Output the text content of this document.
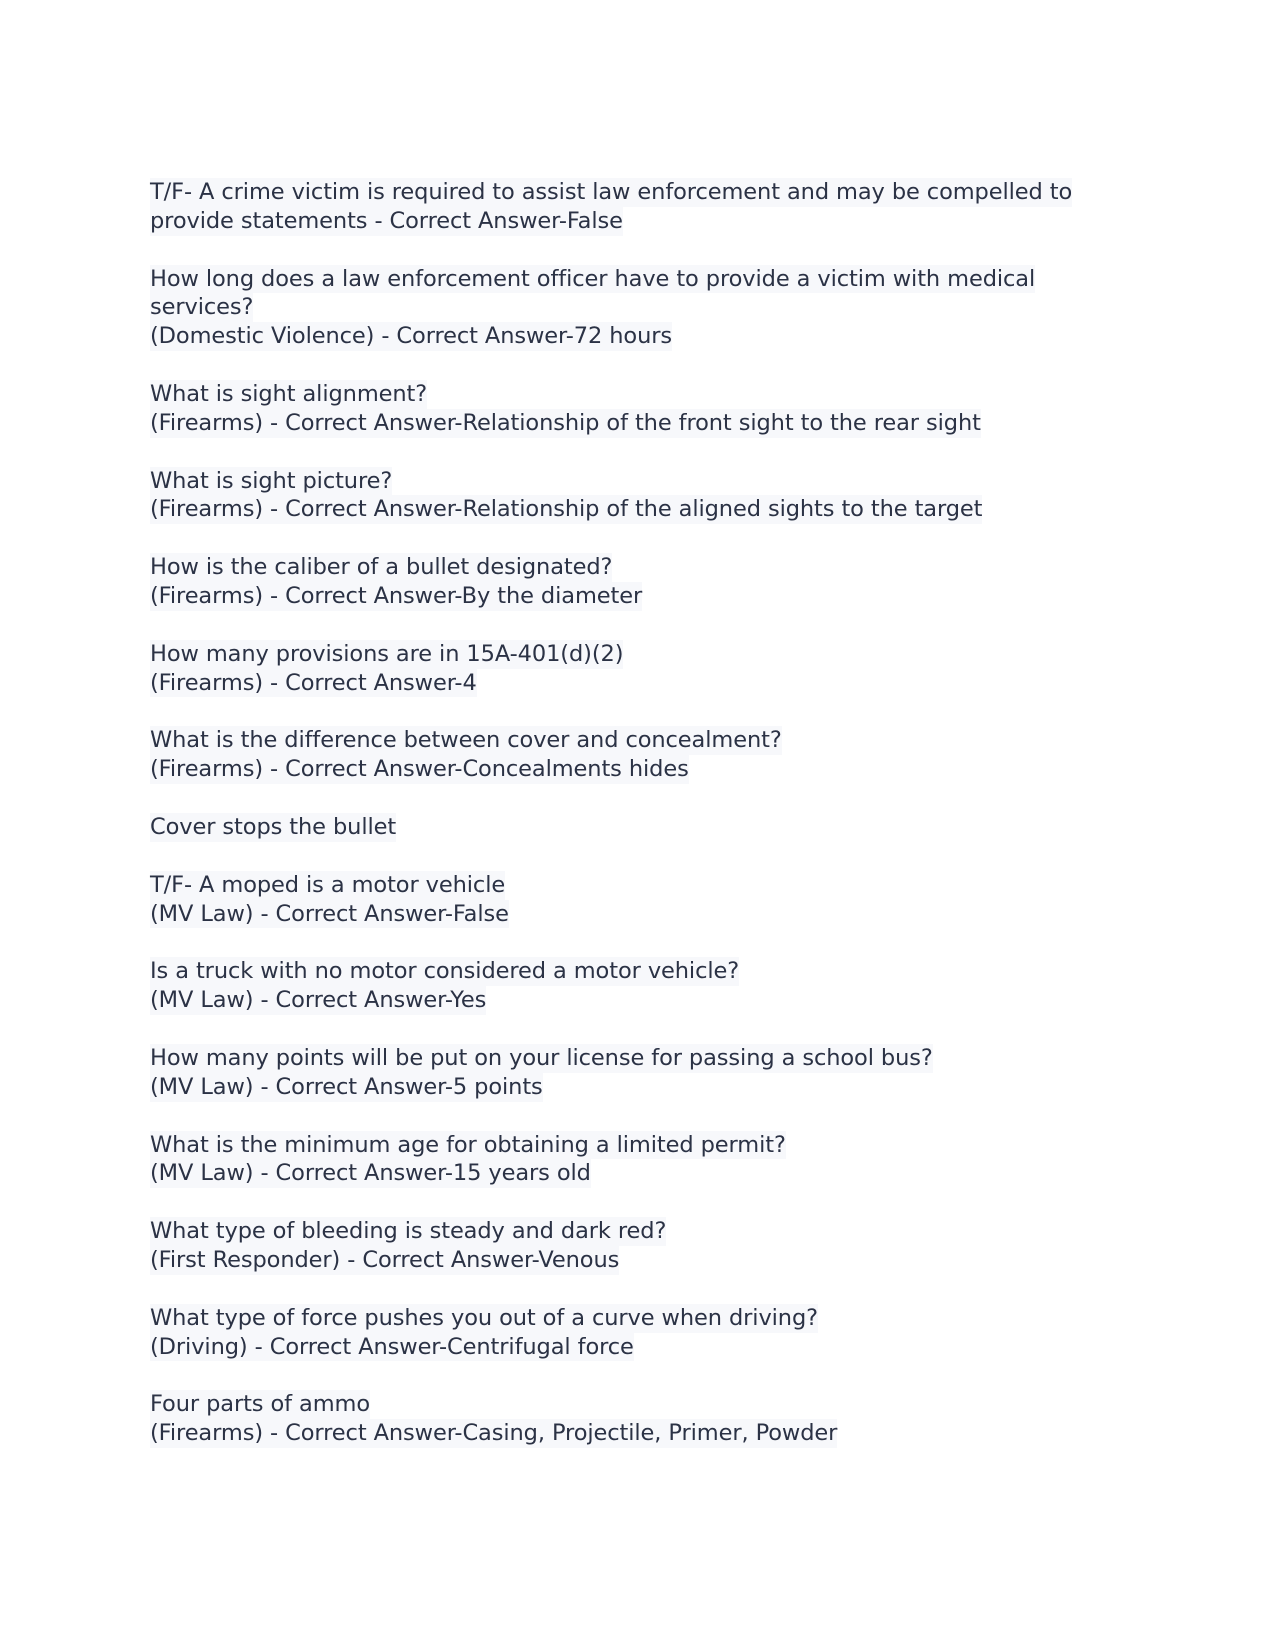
T/F- A crime victim is required to assist law enforcement and may be compelled to
provide statements - Correct Answer-False
How long does a law enforcement officer have to provide a victim with medical
services?
(Domestic Violence) - Correct Answer-72 hours
What is sight alignment?
(Firearms) - Correct Answer-Relationship of the front sight to the rear sight
What is sight picture?
(Firearms) - Correct Answer-Relationship of the aligned sights to the target
How is the caliber of a bullet designated?
(Firearms) - Correct Answer-By the diameter
How many provisions are in 15A-401(d)(2)
(Firearms) - Correct Answer-4
What is the difference between cover and concealment?
(Firearms) - Correct Answer-Concealments hides
Cover stops the bullet
T/F- A moped is a motor vehicle
(MV Law) - Correct Answer-False
Is a truck with no motor considered a motor vehicle?
(MV Law) - Correct Answer-Yes
How many points will be put on your license for passing a school bus?
(MV Law) - Correct Answer-5 points
What is the minimum age for obtaining a limited permit?
(MV Law) - Correct Answer-15 years old
What type of bleeding is steady and dark red?
(First Responder) - Correct Answer-Venous
What type of force pushes you out of a curve when driving?
(Driving) - Correct Answer-Centrifugal force
Four parts of ammo
(Firearms) - Correct Answer-Casing, Projectile, Primer, Powder
